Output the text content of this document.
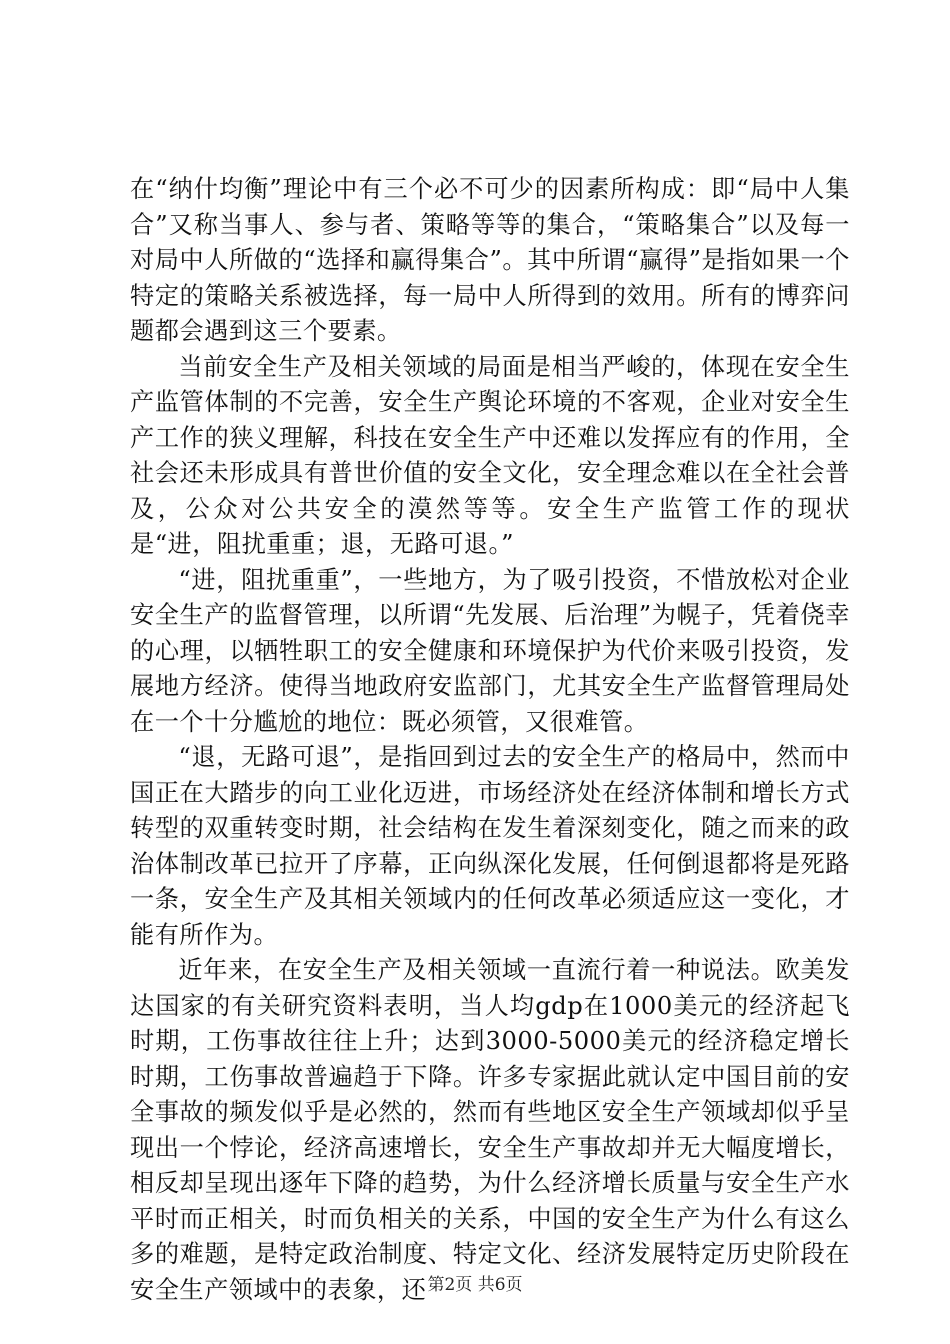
在“纳什均衡”理论中有三个必不可少的因素所构成：即“局中人集合”又称当事人、参与者、策略等等的集合，“策略集合”以及每一对局中人所做的“选择和赢得集合”。其中所谓“赢得”是指如果一个特定的策略关系被选择，每一局中人所得到的效用。所有的博弈问题都会遇到这三个要素。

当前安全生产及相关领域的局面是相当严峻的，体现在安全生产监管体制的不完善，安全生产舆论环境的不客观，企业对安全生产工作的狭义理解，科技在安全生产中还难以发挥应有的作用，全社会还未形成具有普世价值的安全文化，安全理念难以在全社会普及，公众对公共安全的漠然等等。安全生产监管工作的现状是“进，阻扰重重；退，无路可退。”

“进，阻扰重重”，一些地方，为了吸引投资，不惜放松对企业安全生产的监督管理，以所谓“先发展、后治理”为幌子，凭着侥幸的心理，以牺牲职工的安全健康和环境保护为代价来吸引投资，发展地方经济。使得当地政府安监部门，尤其安全生产监督管理局处在一个十分尴尬的地位：既必须管，又很难管。

“退，无路可退”，是指回到过去的安全生产的格局中，然而中国正在大踏步的向工业化迈进，市场经济处在经济体制和增长方式转型的双重转变时期，社会结构在发生着深刻变化，随之而来的政治体制改革已拉开了序幕，正向纵深化发展，任何倒退都将是死路一条，安全生产及其相关领域内的任何改革必须适应这一变化，才能有所作为。

近年来，在安全生产及相关领域一直流行着一种说法。欧美发达国家的有关研究资料表明，当人均gdp在1000美元的经济起飞时期，工伤事故往往上升；达到3000-5000美元的经济稳定增长时期，工伤事故普遍趋于下降。许多专家据此就认定中国目前的安全事故的频发似乎是必然的，然而有些地区安全生产领域却似乎呈现出一个悖论，经济高速增长，安全生产事故却并无大幅度增长，相反却呈现出逐年下降的趋势，为什么经济增长质量与安全生产水平时而正相关，时而负相关的关系，中国的安全生产为什么有这么多的难题，是特定政治制度、特定文化、经济发展特定历史阶段在安全生产领域中的表象，还 第2页 共6页
